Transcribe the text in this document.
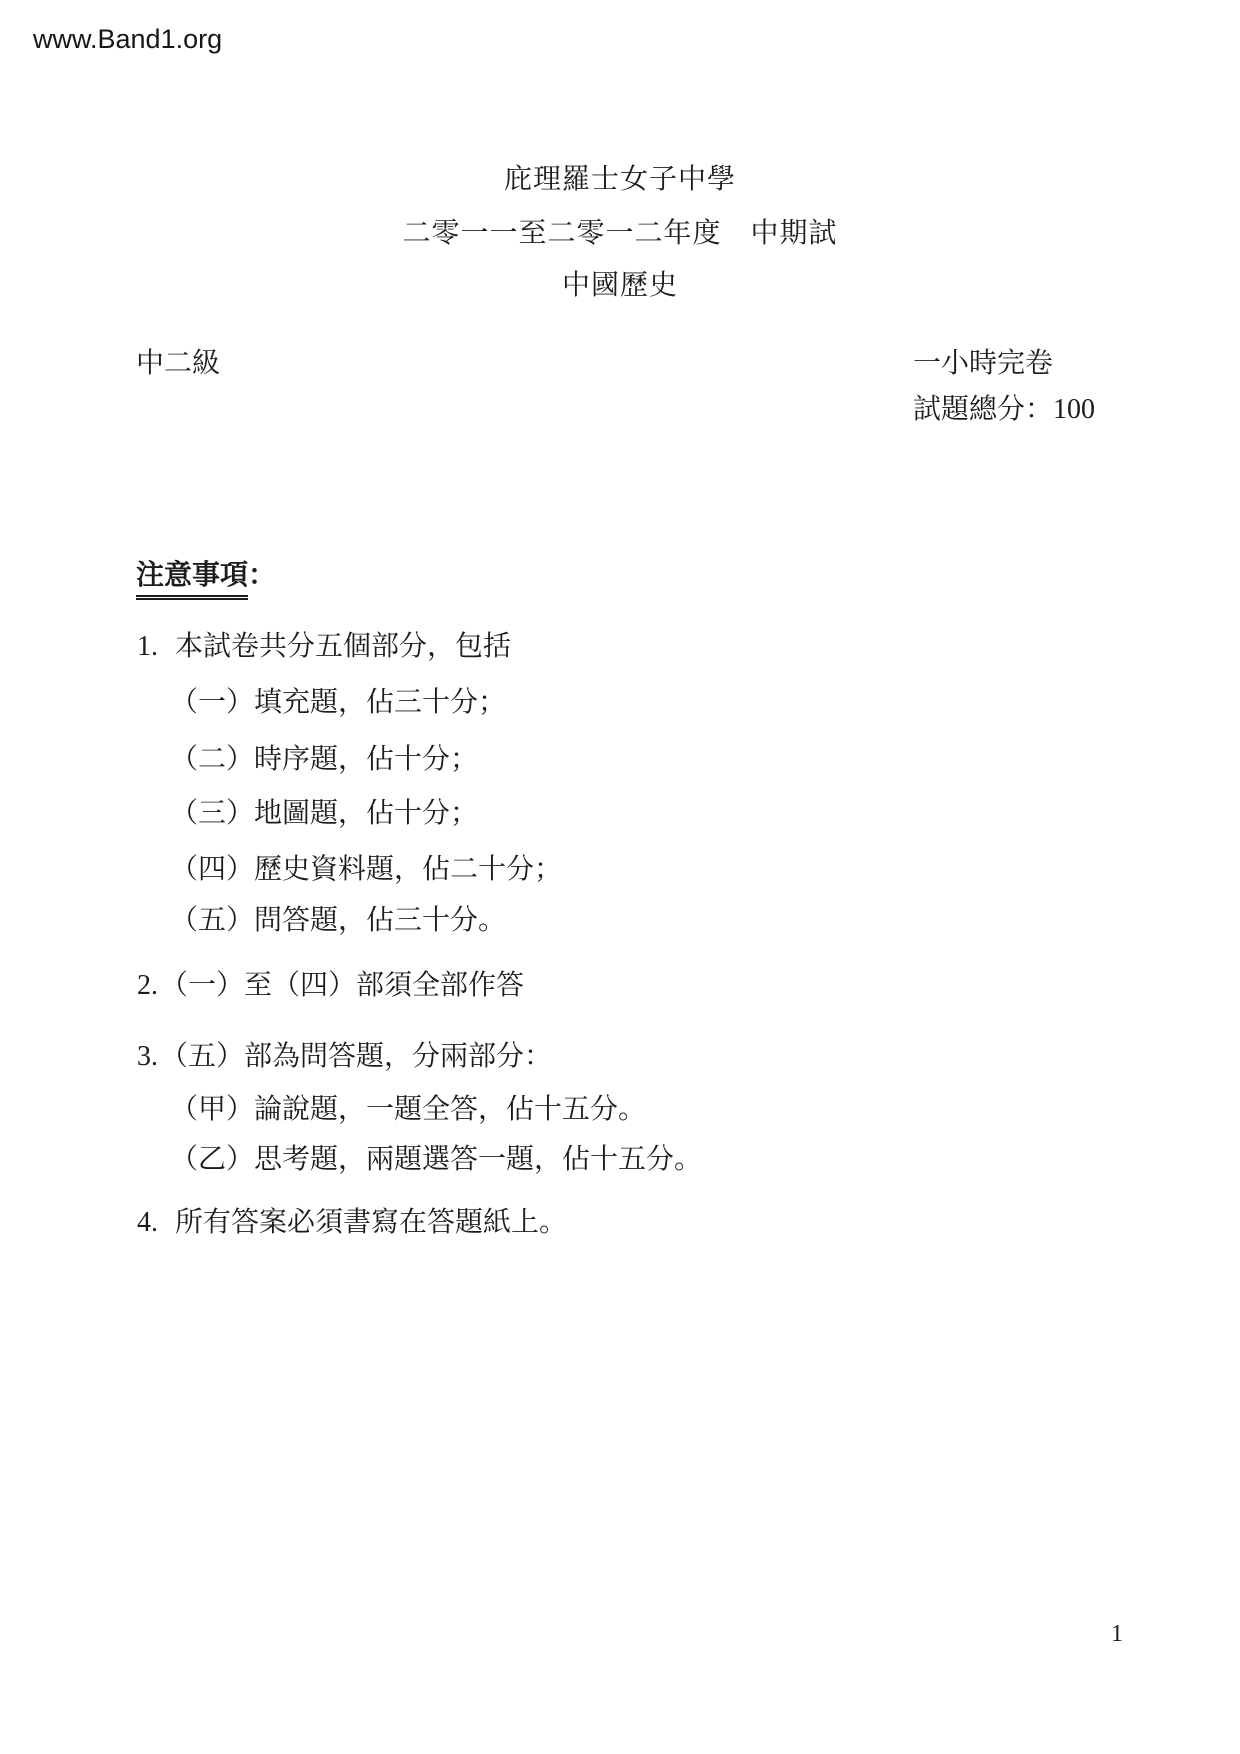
www.Band1.org
庇理羅士女子中學
二零一一至二零一二年度　中期試
中國歷史
中二級	一小時完卷
試題總分：100
注意事項：
1. 本試卷共分五個部分，包括
（一）填充題，佔三十分；
（二）時序題，佔十分；
（三）地圖題，佔十分；
（四）歷史資料題，佔二十分；
（五）問答題，佔三十分。
2.（一）至（四）部須全部作答
3.（五）部為問答題，分兩部分：
（甲）論說題，一題全答，佔十五分。
（乙）思考題，兩題選答一題，佔十五分。
4. 所有答案必須書寫在答題紙上。
1
